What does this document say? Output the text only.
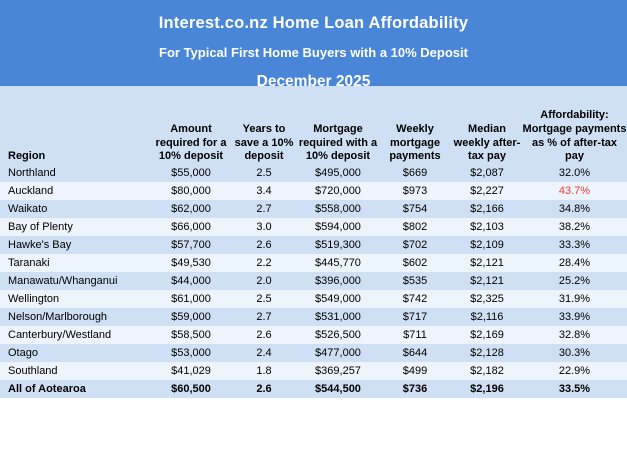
Interest.co.nz Home Loan Affordability
For Typical First Home Buyers with a 10% Deposit
December 2025
Region	Amount required for a 10% deposit	Years to save a 10% deposit	Mortgage required with a 10% deposit	Weekly mortgage payments	Median weekly after-tax pay	Affordability: Mortgage payments as % of after-tax pay
Northland	$55,000	2.5	$495,000	$669	$2,087	32.0%
Auckland	$80,000	3.4	$720,000	$973	$2,227	43.7%
Waikato	$62,000	2.7	$558,000	$754	$2,166	34.8%
Bay of Plenty	$66,000	3.0	$594,000	$802	$2,103	38.2%
Hawke's Bay	$57,700	2.6	$519,300	$702	$2,109	33.3%
Taranaki	$49,530	2.2	$445,770	$602	$2,121	28.4%
Manawatu/Whanganui	$44,000	2.0	$396,000	$535	$2,121	25.2%
Wellington	$61,000	2.5	$549,000	$742	$2,325	31.9%
Nelson/Marlborough	$59,000	2.7	$531,000	$717	$2,116	33.9%
Canterbury/Westland	$58,500	2.6	$526,500	$711	$2,169	32.8%
Otago	$53,000	2.4	$477,000	$644	$2,128	30.3%
Southland	$41,029	1.8	$369,257	$499	$2,182	22.9%
All of Aotearoa	$60,500	2.6	$544,500	$736	$2,196	33.5%
